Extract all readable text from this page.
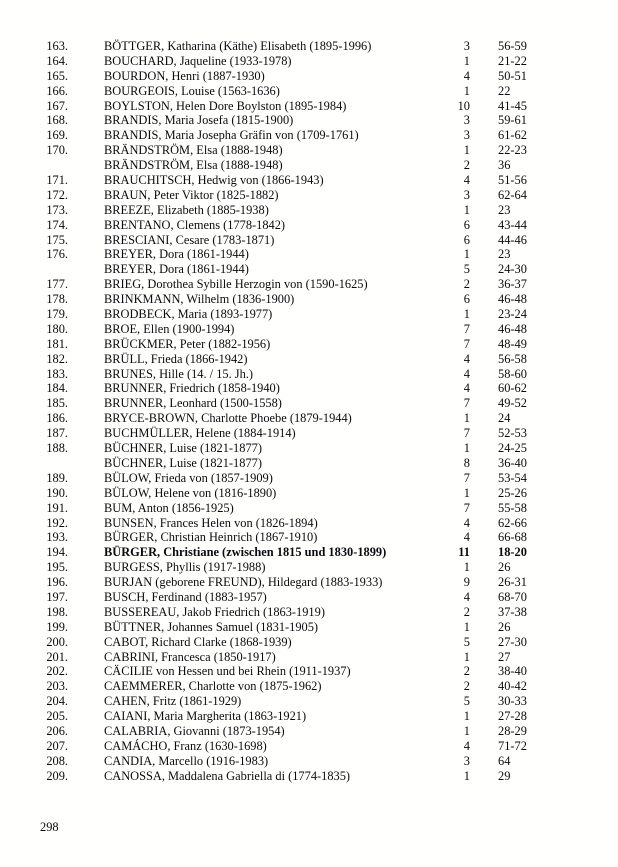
163.	BÖTTGER, Katharina (Käthe) Elisabeth (1895-1996)	3	56-59
164.	BOUCHARD, Jaqueline (1933-1978)	1	21-22
165.	BOURDON, Henri (1887-1930)	4	50-51
166.	BOURGEOIS, Louise (1563-1636)	1	22
167.	BOYLSTON, Helen Dore Boylston (1895-1984)	10	41-45
168.	BRANDIS, Maria Josefa (1815-1900)	3	59-61
169.	BRANDIS, Maria Josepha Gräfin von (1709-1761)	3	61-62
170.	BRÄNDSTRÖM, Elsa (1888-1948)	1	22-23
BRÄNDSTRÖM, Elsa (1888-1948)	2	36
171.	BRAUCHITSCH, Hedwig von (1866-1943)	4	51-56
172.	BRAUN, Peter Viktor (1825-1882)	3	62-64
173.	BREEZE, Elizabeth (1885-1938)	1	23
174.	BRENTANO, Clemens (1778-1842)	6	43-44
175.	BRESCIANI, Cesare (1783-1871)	6	44-46
176.	BREYER, Dora (1861-1944)	1	23
BREYER, Dora (1861-1944)	5	24-30
177.	BRIEG, Dorothea Sybille Herzogin von (1590-1625)	2	36-37
178.	BRINKMANN, Wilhelm (1836-1900)	6	46-48
179.	BRODBECK, Maria (1893-1977)	1	23-24
180.	BROE, Ellen (1900-1994)	7	46-48
181.	BRÜCKMER, Peter (1882-1956)	7	48-49
182.	BRÜLL, Frieda (1866-1942)	4	56-58
183.	BRUNES, Hille (14. / 15. Jh.)	4	58-60
184.	BRUNNER, Friedrich (1858-1940)	4	60-62
185.	BRUNNER, Leonhard (1500-1558)	7	49-52
186.	BRYCE-BROWN, Charlotte Phoebe (1879-1944)	1	24
187.	BUCHMÜLLER, Helene (1884-1914)	7	52-53
188.	BÜCHNER, Luise (1821-1877)	1	24-25
BÜCHNER, Luise (1821-1877)	8	36-40
189.	BÜLOW, Frieda von (1857-1909)	7	53-54
190.	BÜLOW, Helene von (1816-1890)	1	25-26
191.	BUM, Anton (1856-1925)	7	55-58
192.	BUNSEN, Frances Helen von (1826-1894)	4	62-66
193.	BÜRGER, Christian Heinrich (1867-1910)	4	66-68
194.	BÜRGER, Christiane (zwischen 1815 und 1830-1899)	11	18-20
195.	BURGESS, Phyllis (1917-1988)	1	26
196.	BURJAN (geborene FREUND), Hildegard (1883-1933)	9	26-31
197.	BUSCH, Ferdinand (1883-1957)	4	68-70
198.	BUSSEREAU, Jakob Friedrich (1863-1919)	2	37-38
199.	BÜTTNER, Johannes Samuel (1831-1905)	1	26
200.	CABOT, Richard Clarke (1868-1939)	5	27-30
201.	CABRINI, Francesca (1850-1917)	1	27
202.	CÄCILIE von Hessen und bei Rhein (1911-1937)	2	38-40
203.	CAEMMERER, Charlotte von (1875-1962)	2	40-42
204.	CAHEN, Fritz (1861-1929)	5	30-33
205.	CAIANI, Maria Margherita (1863-1921)	1	27-28
206.	CALABRIA, Giovanni (1873-1954)	1	28-29
207.	CAMÁCHO, Franz (1630-1698)	4	71-72
208.	CANDIA, Marcello (1916-1983)	3	64
209.	CANOSSA, Maddalena Gabriella di (1774-1835)	1	29
298
